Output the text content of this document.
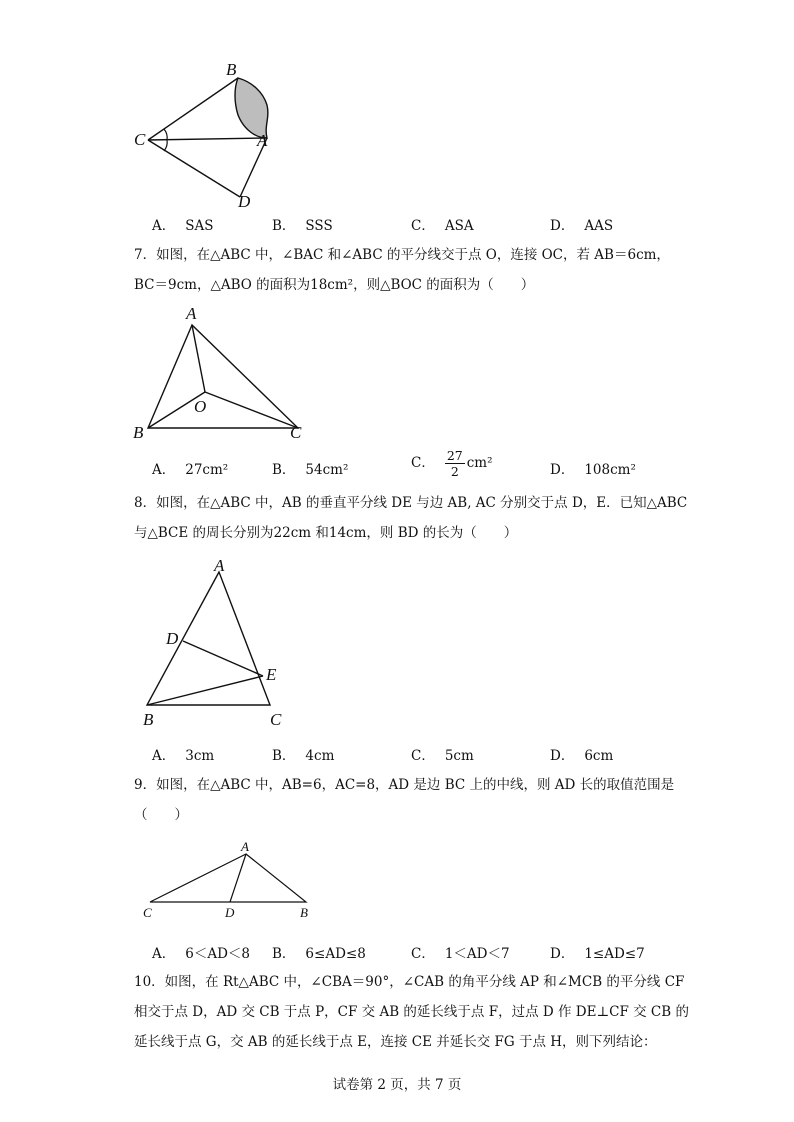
B
C	A
D
A． SAS	B． SSS	C． ASA	D． AAS
7．如图，在△ABC 中，∠BAC 和∠ABC 的平分线交于点 O，连接 OC，若 AB＝6cm，
BC＝9cm，△ABO 的面积为18cm²，则△BOC 的面积为（　　）
A
O
B	C
A． 27cm²	B． 54cm²	C． $\frac{27}{2} cm^2$	D． 108cm²
8．如图，在△ABC 中，AB 的垂直平分线 DE 与边 AB, AC 分别交于点 D，E．已知△ABC
与△BCE 的周长分别为22cm 和14cm，则 BD 的长为（　　）
A
D
E
B	C
A． 3cm	B． 4cm	C． 5cm	D． 6cm
9．如图，在△ABC 中，AB=6，AC=8，AD 是边 BC 上的中线，则 AD 长的取值范围是
（　　）
A
C	D	B
A． 6＜AD＜8 B． 6≤AD≤8	C． 1＜AD＜7	D． 1≤AD≤7
10．如图，在 Rt△ABC 中，∠CBA＝90°，∠CAB 的角平分线 AP 和∠MCB 的平分线 CF
相交于点 D，AD 交 CB 于点 P，CF 交 AB 的延长线于点 F，过点 D 作 DE⊥CF 交 CB 的
延长线于点 G，交 AB 的延长线于点 E，连接 CE 并延长交 FG 于点 H，则下列结论：
试卷第 2 页，共 7 页
